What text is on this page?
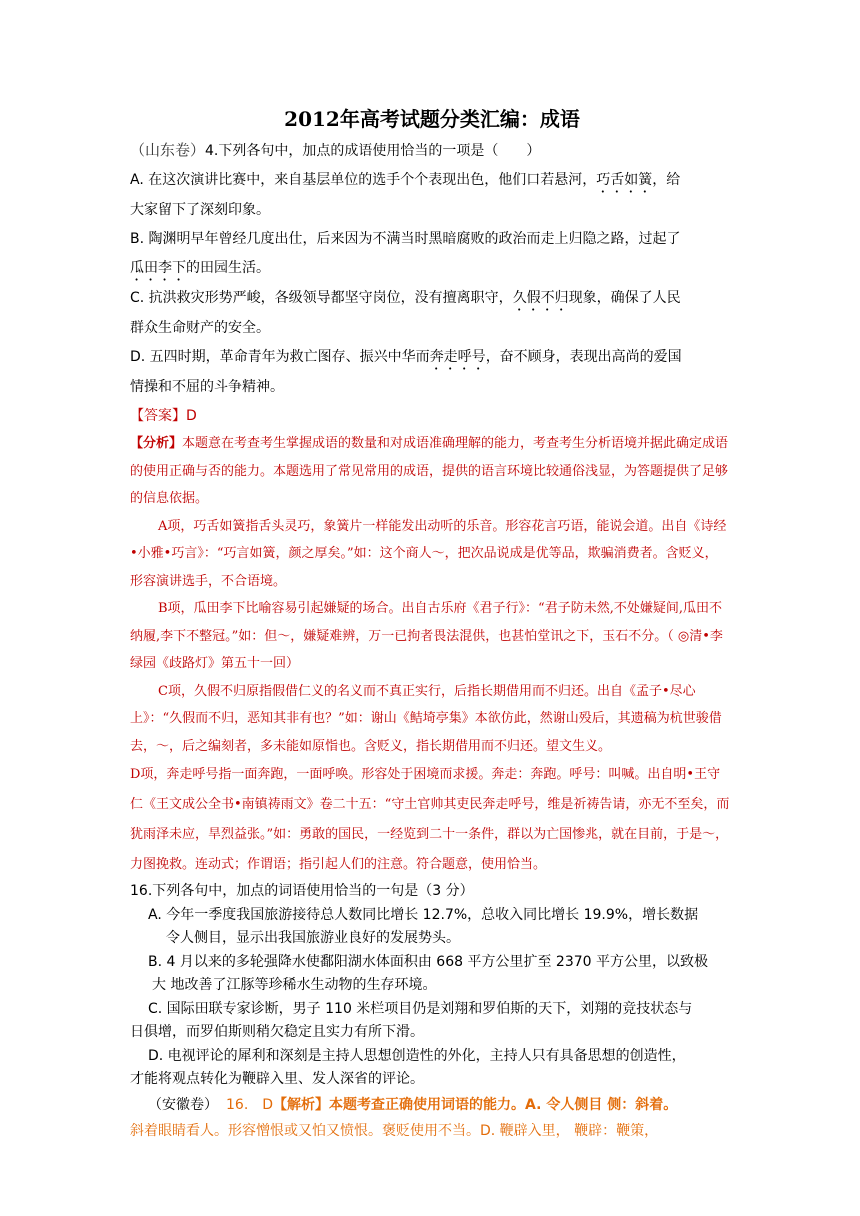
2012年高考试题分类汇编：成语

（山东卷）4.下列各句中，加点的成语使用恰当的一项是（　　）

A. 在这次演讲比赛中，来自基层单位的选手个个表现出色，他们口若悬河，巧舌如簧，给
大家留下了深刻印象。

B. 陶渊明早年曾经几度出仕，后来因为不满当时黑暗腐败的政治而走上归隐之路，过起了
瓜田李下的田园生活。

C. 抗洪救灾形势严峻，各级领导都坚守岗位，没有擅离职守，久假不归现象，确保了人民
群众生命财产的安全。

D. 五四时期，革命青年为救亡图存、振兴中华而奔走呼号，奋不顾身，表现出高尚的爱国
情操和不屈的斗争精神。

【答案】D

【分析】本题意在考查考生掌握成语的数量和对成语准确理解的能力，考查考生分析语境并据此确定成语的使用正确与否的能力。本题选用了常见常用的成语，提供的语言环境比较通俗浅显，为答题提供了足够的信息依据。

A项，巧舌如簧指舌头灵巧，象簧片一样能发出动听的乐音。形容花言巧语，能说会道。出自《诗经•小雅•巧言》：“巧言如簧，颜之厚矣。”如：这个商人～，把次品说成是优等品，欺骗消费者。含贬义，形容演讲选手，不合语境。

B项，瓜田李下比喻容易引起嫌疑的场合。出自古乐府《君子行》：“君子防未然,不处嫌疑间,瓜田不纳履,李下不整冠。”如：但～，嫌疑难辨，万一已拘者畏法混供，也甚怕堂讯之下，玉石不分。（ ◎清•李绿园《歧路灯》第五十一回）

C项，久假不归原指假借仁义的名义而不真正实行，后指长期借用而不归还。出自《孟子•尽心上》：“久假而不归，恶知其非有也？”如：谢山《鲒埼亭集》本欲仿此，然谢山殁后，其遗稿为杭世骏借去，～，后之编刻者，多未能如原恉也。含贬义，指长期借用而不归还。望文生义。

D项，奔走呼号指一面奔跑，一面呼唤。形容处于困境而求援。奔走：奔跑。呼号：叫喊。出自明•王守仁《王文成公全书•南镇祷雨文》卷二十五：“守土官帅其吏民奔走呼号，维是祈祷告请，亦无不至矣，而犹雨泽未应，旱烈益张。”如：勇敢的国民，一经览到二十一条件，群以为亡国惨兆，就在目前，于是～，力图挽救。连动式；作谓语；指引起人们的注意。符合题意，使用恰当。

16.下列各句中，加点的词语使用恰当的一句是（3 分）

A. 今年一季度我国旅游接待总人数同比增长 12.7%，总收入同比增长 19.9%，增长数据
令人侧目，显示出我国旅游业良好的发展势头。

B. 4 月以来的多轮强降水使鄱阳湖水体面积由 668 平方公里扩至 2370 平方公里，以致极
大 地改善了江豚等珍稀水生动物的生存环境。

C. 国际田联专家诊断，男子 110 米栏项目仍是刘翔和罗伯斯的天下，刘翔的竞技状态与
日俱增，而罗伯斯则稍欠稳定且实力有所下滑。

D. 电视评论的犀利和深刻是主持人思想创造性的外化，主持人只有具备思想的创造性，
才能将观点转化为鞭辟入里、发人深省的评论。

（安徽卷） 16. D【解析】本题考查正确使用词语的能力。A. 令人侧目 侧：斜着。
斜着眼睛看人。形容憎恨或又怕又愤恨。褒贬使用不当。D. 鞭辟入里， 鞭辟：鞭策，
